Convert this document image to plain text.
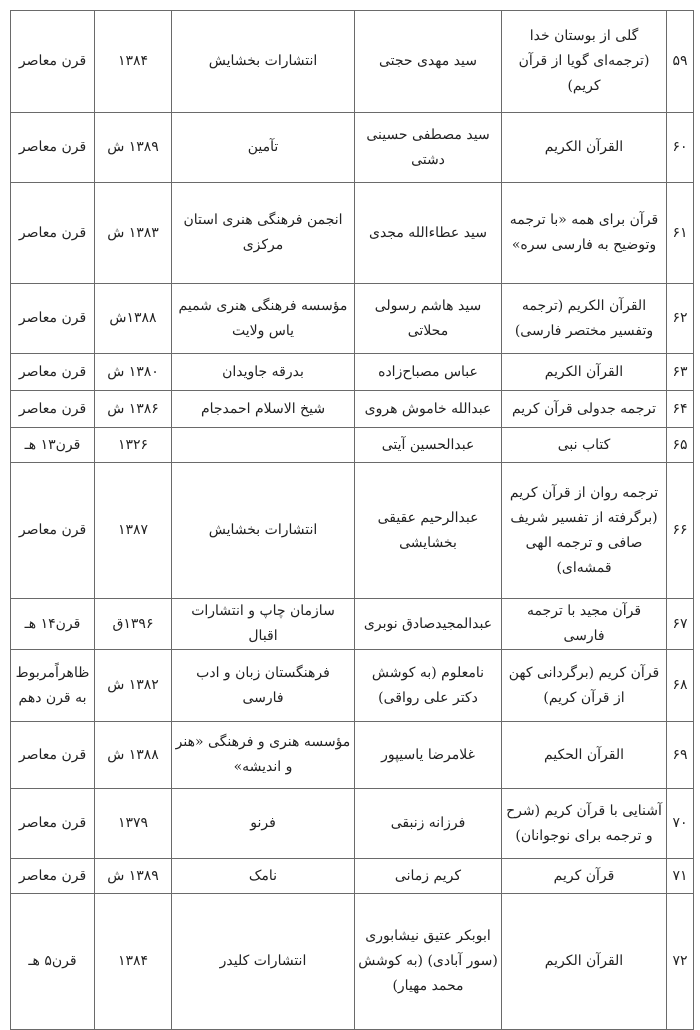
۵۹	گلی از بوستان خدا (ترجمه‌ای گویا از قرآن کریم)	سید مهدی حجتی	انتشارات بخشایش	۱۳۸۴	قرن معاصر
۶۰	القرآن الکریم	سید مصطفی حسینی دشتی	تآمین	۱۳۸۹ ش	قرن معاصر
۶۱	قرآن برای همه «با ترجمه وتوضیح به فارسی سره»	سید عطاءالله مجدی	انجمن فرهنگی هنری استان مرکزی	۱۳۸۳ ش	قرن معاصر
۶۲	القرآن الکریم (ترجمه وتفسیر مختصر فارسی)	سید هاشم رسولی محلاتی	مؤسسه فرهنگی هنری شمیم یاس ولایت	۱۳۸۸ش	قرن معاصر
۶۳	القرآن الکریم	عباس مصباح‌زاده	بدرقه جاویدان	۱۳۸۰ ش	قرن معاصر
۶۴	ترجمه جدولی قرآن کریم	عبدالله خاموش هروی	شیخ الاسلام احمدجام	۱۳۸۶ ش	قرن معاصر
۶۵	کتاب نبی	عبدالحسین آیتی		۱۳۲۶	قرن۱۳ هـ
۶۶	ترجمه روان از قرآن کریم (برگرفته از تفسیر شریف صافی و ترجمه الهی قمشه‌ای)	عبدالرحیم عقیقی بخشایشی	انتشارات بخشایش	۱۳۸۷	قرن معاصر
۶۷	قرآن مجید با ترجمه فارسی	عبدالمجیدصادق نوبری	سازمان چاپ و انتشارات اقبال	۱۳۹۶ق	قرن۱۴ هـ
۶۸	قرآن کریم (برگردانی کهن از قرآن کریم)	نامعلوم (به کوشش دکتر علی رواقی)	فرهنگستان زبان و ادب فارسی	۱۳۸۲ ش	ظاهراًمربوط به قرن دهم
۶۹	القرآن الحکیم	غلامرضا یاسیپور	مؤسسه هنری و فرهنگی «هنر و اندیشه»	۱۳۸۸ ش	قرن معاصر
۷۰	آشنایی با قرآن کریم (شرح و ترجمه برای نوجوانان)	فرزانه زنبقی	فرنو	۱۳۷۹	قرن معاصر
۷۱	قرآن کریم	کریم زمانی	نامک	۱۳۸۹ ش	قرن معاصر
۷۲	القرآن الکریم	ابوبکر عتیق نیشابوری (سور آبادی) (به کوشش محمد مهیار)	انتشارات کلیدر	۱۳۸۴	قرن۵ هـ
